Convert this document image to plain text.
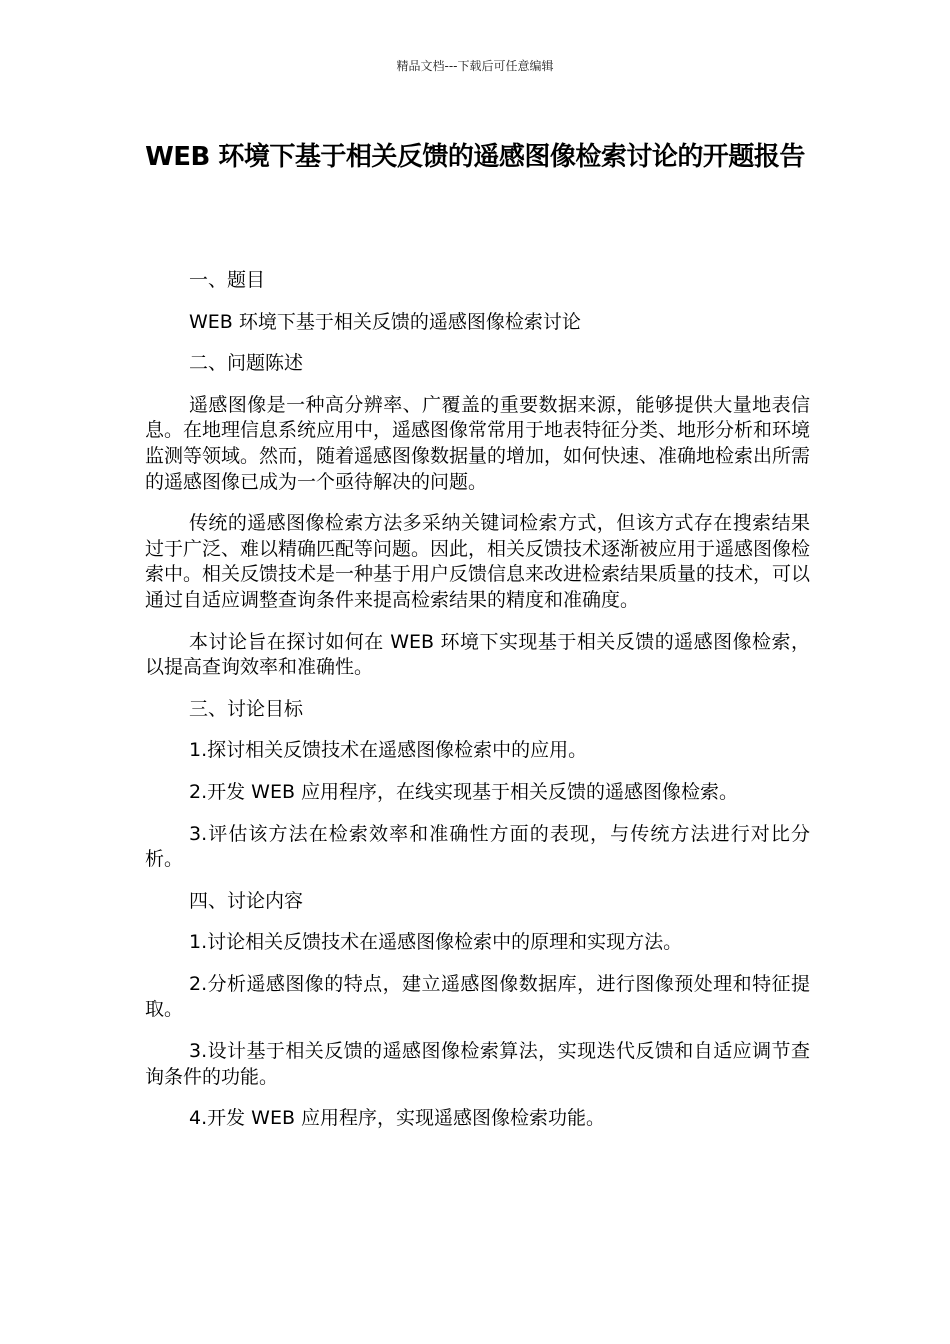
精品文档---下载后可任意编辑
WEB 环境下基于相关反馈的遥感图像检索讨论的开题报告

一、题目

WEB 环境下基于相关反馈的遥感图像检索讨论

二、问题陈述

遥感图像是一种高分辨率、广覆盖的重要数据来源，能够提供大量地表信息。在地理信息系统应用中，遥感图像常常用于地表特征分类、地形分析和环境监测等领域。然而，随着遥感图像数据量的增加，如何快速、准确地检索出所需的遥感图像已成为一个亟待解决的问题。

传统的遥感图像检索方法多采纳关键词检索方式，但该方式存在搜索结果过于广泛、难以精确匹配等问题。因此，相关反馈技术逐渐被应用于遥感图像检索中。相关反馈技术是一种基于用户反馈信息来改进检索结果质量的技术，可以通过自适应调整查询条件来提高检索结果的精度和准确度。

本讨论旨在探讨如何在 WEB 环境下实现基于相关反馈的遥感图像检索，以提高查询效率和准确性。

三、讨论目标

1.探讨相关反馈技术在遥感图像检索中的应用。

2.开发 WEB 应用程序，在线实现基于相关反馈的遥感图像检索。

3.评估该方法在检索效率和准确性方面的表现，与传统方法进行对比分析。

四、讨论内容

1.讨论相关反馈技术在遥感图像检索中的原理和实现方法。

2.分析遥感图像的特点，建立遥感图像数据库，进行图像预处理和特征提取。

3.设计基于相关反馈的遥感图像检索算法，实现迭代反馈和自适应调节查询条件的功能。

4.开发 WEB 应用程序，实现遥感图像检索功能。
